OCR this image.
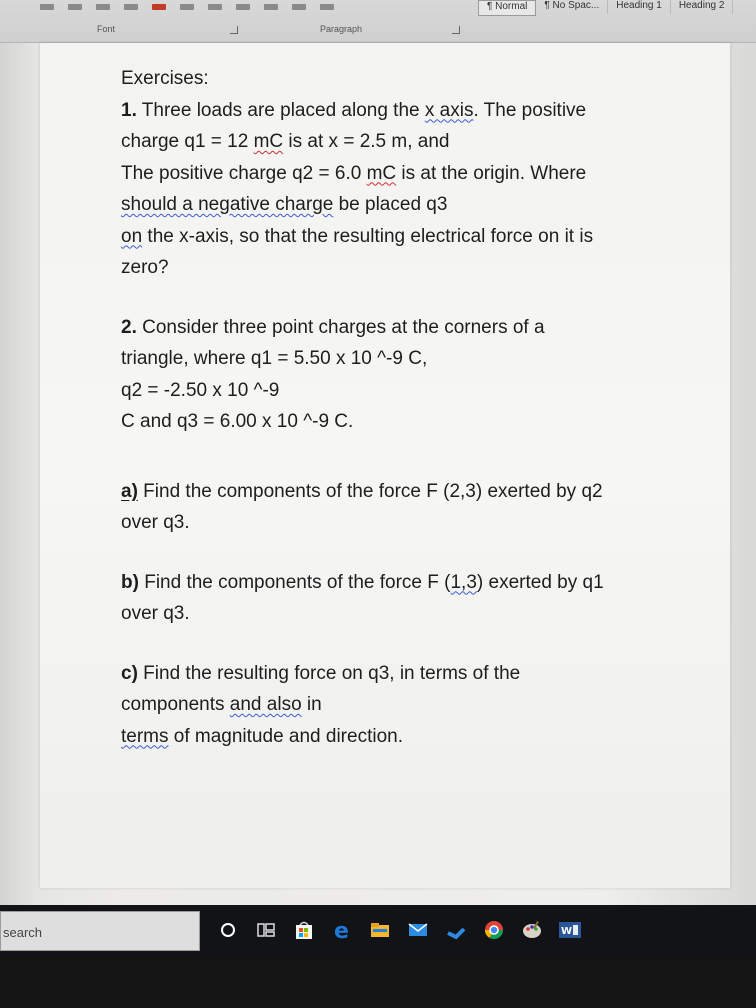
¶ Normal	¶ No Spac...	Heading 1	Heading 2
Font	Paragraph

Exercises:

1. Three loads are placed along the x axis. The positive

charge q1 = 12 mC is at x = 2.5 m, and

The positive charge q2 = 6.0 mC is at the origin. Where

should a negative charge be placed q3

on the x-axis, so that the resulting electrical force on it is

zero?

2. Consider three point charges at the corners of a

triangle, where q1 = 5.50 x 10 ^-9 C,

q2 = -2.50 x 10 ^-9

C and q3 = 6.00 x 10 ^-9 C.

a) Find the components of the force F (2,3) exerted by q2

over q3.

b) Find the components of the force F (1,3) exerted by q1

over q3.

c) Find the resulting force on q3, in terms of the

components and also in

terms of magnitude and direction.

search	e	W
